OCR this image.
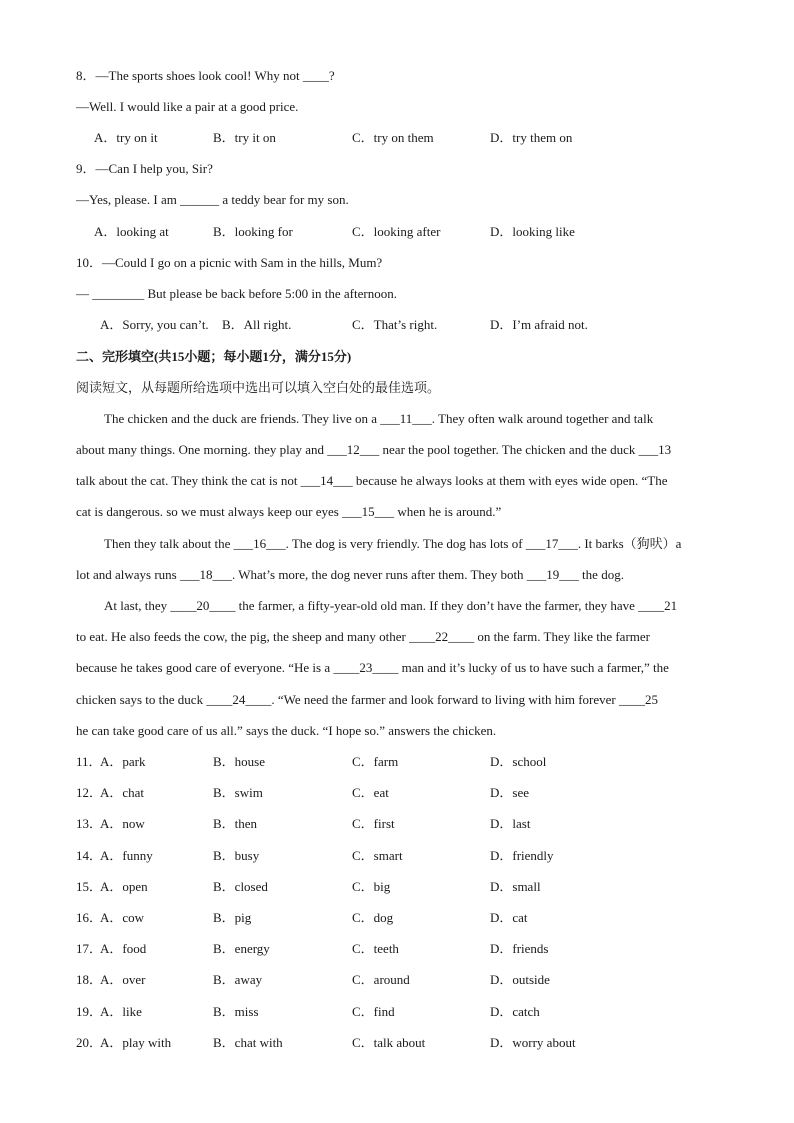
8．—The sports shoes look cool! Why not ____?
—Well. I would like a pair at a good price.
A．try on it	B．try it on	C．try on them	D．try them on
9．—Can I help you, Sir?
—Yes, please. I am ______ a teddy bear for my son.
A．looking at	B．looking for	C．looking after	D．looking like
10．—Could I go on a picnic with Sam in the hills, Mum?
— ________ But please be back before 5:00 in the afternoon.
A．Sorry, you can’t. B．All right.	C．That’s right.	D．I’m afraid not.
二、完形填空(共15小题；每小题1分，满分15分)
阅读短文，从每题所给选项中选出可以填入空白处的最佳选项。
The chicken and the duck are friends. They live on a ___11___. They often walk around together and talk
about many things. One morning. they play and ___12___ near the pool together. The chicken and the duck ___13
talk about the cat. They think the cat is not ___14___ because he always looks at them with eyes wide open. “The
cat is dangerous. so we must always keep our eyes ___15___ when he is around.”
Then they talk about the ___16___. The dog is very friendly. The dog has lots of ___17___. It barks（狗吠）a
lot and always runs ___18___. What’s more, the dog never runs after them. They both ___19___ the dog.
At last, they ____20____ the farmer, a fifty-year-old old man. If they don’t have the farmer, they have ____21
to eat. He also feeds the cow, the pig, the sheep and many other ____22____ on the farm. They like the farmer
because he takes good care of everyone. “He is a ____23____ man and it’s lucky of us to have such a farmer,” the
chicken says to the duck ____24____. “We need the farmer and look forward to living with him forever ____25
he can take good care of us all.” says the duck. “I hope so.” answers the chicken.
11．
A．park	B．house	C．farm	D．school
12．
A．chat	B．swim	C．eat	D．see
13．
A．now	B．then	C．first	D．last
14．
A．funny	B．busy	C．smart	D．friendly
15．
A．open	B．closed	C．big	D．small
16．
A．cow	B．pig	C．dog	D．cat
17．
A．food	B．energy	C．teeth	D．friends
18．
A．over	B．away	C．around	D．outside
19．
A．like	B．miss	C．find	D．catch
20．
A．play with	B．chat with	C．talk about	D．worry about
